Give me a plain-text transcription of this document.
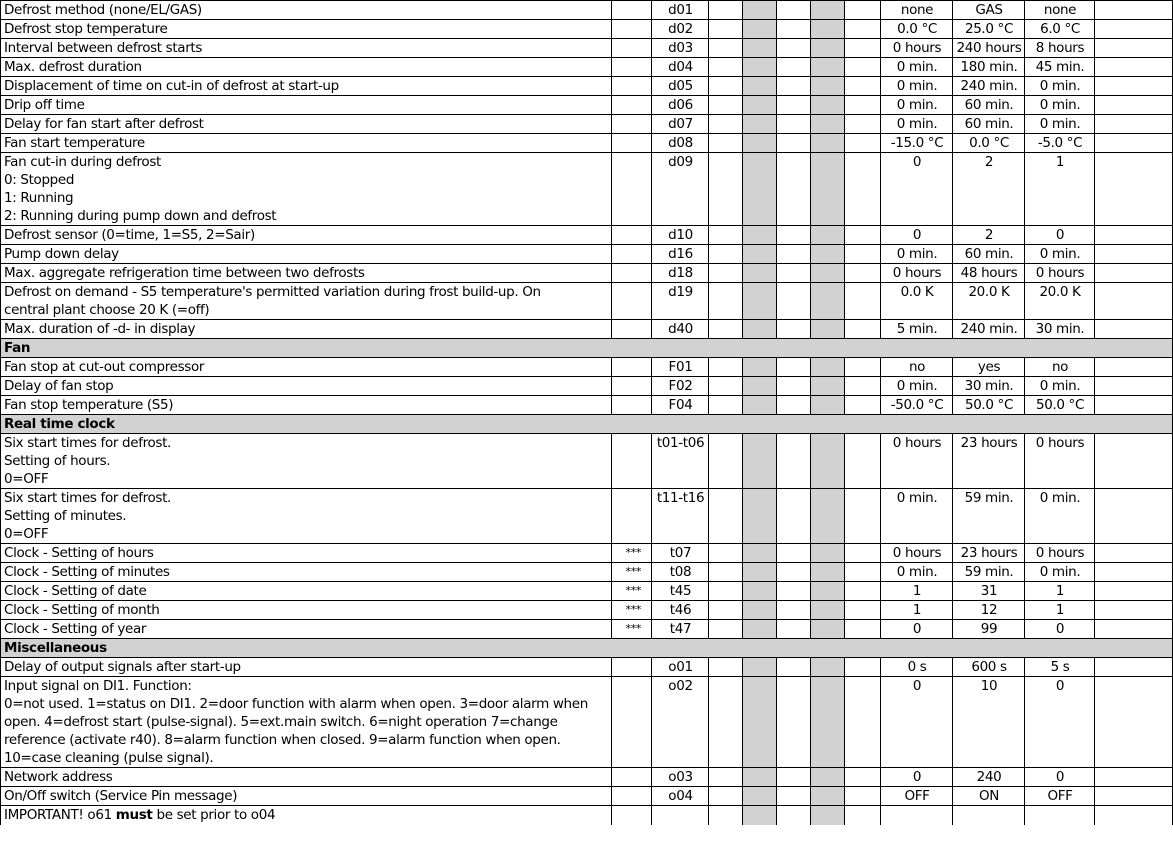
Defrost method (none/EL/GAS)		d01						none	GAS	none	

Defrost stop temperature		d02						0.0 °C	25.0 °C	6.0 °C	

Interval between defrost starts		d03						0 hours	240 hours	8 hours	

Max. defrost duration		d04						0 min.	180 min.	45 min.	

Displacement of time on cut-in of defrost at start-up		d05						0 min.	240 min.	0 min.	

Drip off time		d06						0 min.	60 min.	0 min.	

Delay for fan start after defrost		d07						0 min.	60 min.	0 min.	

Fan start temperature		d08						-15.0 °C	0.0 °C	-5.0 °C	

Fan cut-in during defrost
0: Stopped
1: Running
2: Running during pump down and defrost		d09						0	2	1	

Defrost sensor (0=time, 1=S5, 2=Sair)		d10						0	2	0	

Pump down delay		d16						0 min.	60 min.	0 min.	

Max. aggregate refrigeration time between two defrosts		d18						0 hours	48 hours	0 hours	

Defrost on demand - S5 temperature's permitted variation during frost build-up. On
central plant choose 20 K (=off)		d19						0.0 K	20.0 K	20.0 K	

Max. duration of -d- in display		d40						5 min.	240 min.	30 min.	
Fan											

Fan stop at cut-out compressor		F01						no	yes	no	

Delay of fan stop		F02						0 min.	30 min.	0 min.	

Fan stop temperature (S5)		F04						-50.0 °C	50.0 °C	50.0 °C	
Real time clock											

Six start times for defrost.
Setting of hours.
0=OFF		t01-t06						0 hours	23 hours	0 hours	

Six start times for defrost.
Setting of minutes.
0=OFF		t11-t16						0 min.	59 min.	0 min.	

Clock - Setting of hours	***	t07						0 hours	23 hours	0 hours	

Clock - Setting of minutes	***	t08						0 min.	59 min.	0 min.	

Clock - Setting of date	***	t45						1	31	1	

Clock - Setting of month	***	t46						1	12	1	

Clock - Setting of year	***	t47						0	99	0	
Miscellaneous											

Delay of output signals after start-up		o01						0 s	600 s	5 s	

Input signal on DI1. Function:
0=not used. 1=status on DI1. 2=door function with alarm when open. 3=door alarm when
open. 4=defrost start (pulse-signal). 5=ext.main switch. 6=night operation 7=change
reference (activate r40). 8=alarm function when closed. 9=alarm function when open.
10=case cleaning (pulse signal).		o02						0	10	0	

Network address		o03						0	240	0	

On/Off switch (Service Pin message)		o04						OFF	ON	OFF	
IMPORTANT! o61 must be set prior to o04											
